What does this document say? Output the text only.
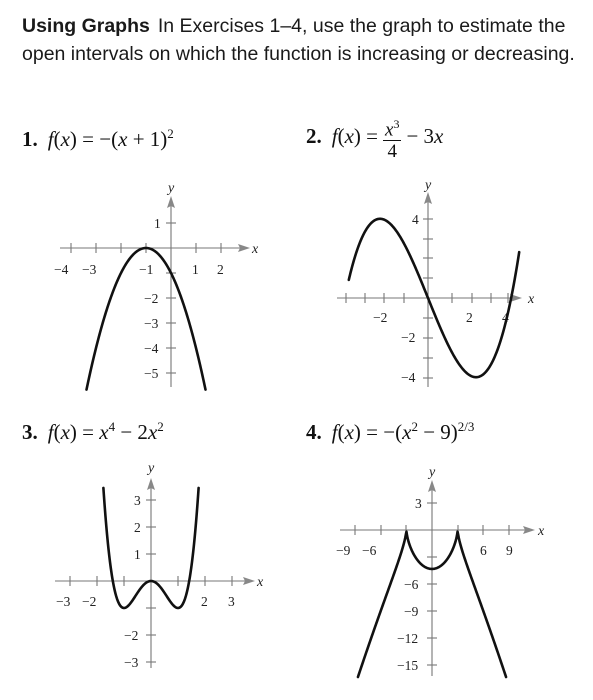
Using Graphs In Exercises 1–4, use the graph to estimate the open intervals on which the function is increasing or decreasing.

1. $f(x) = -(x + 1)^2$	2. $f(x) = \frac{x^3}{4} - 3x$
3. $f(x) = x^4 - 2x^2$	4. $f(x) = -(x^2 - 9)^{2/3}$
x
y
−4 −3	−1	1 2
1
−2
−3
−4
−5
x
y
−2	2 4
4
−2
−4
x
y
−3 −2	2 3
3
2
1
−2
−3
x
y
−9 −6	6 9
3
−6
−9
−12
−15
